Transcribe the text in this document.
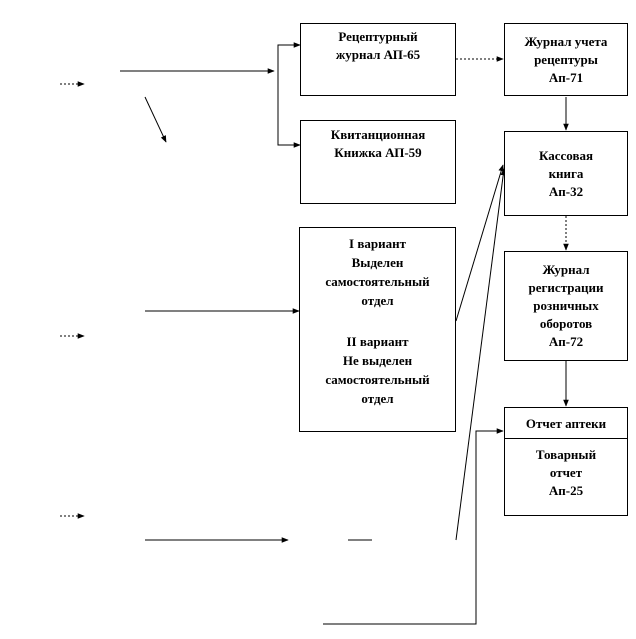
Рецептурный
журнал АП-65
Квитанционная
Книжка АП-59
I вариант
Выделен
самостоятельный
отдел
II вариант
Не выделен
самостоятельный
отдел
Журнал учета
рецептуры
Ап-71
Кассовая
книга
Ап-32
Журнал
регистрации
розничных
оборотов
Ап-72
Отчет аптеки
Товарный
отчет
Ап-25
